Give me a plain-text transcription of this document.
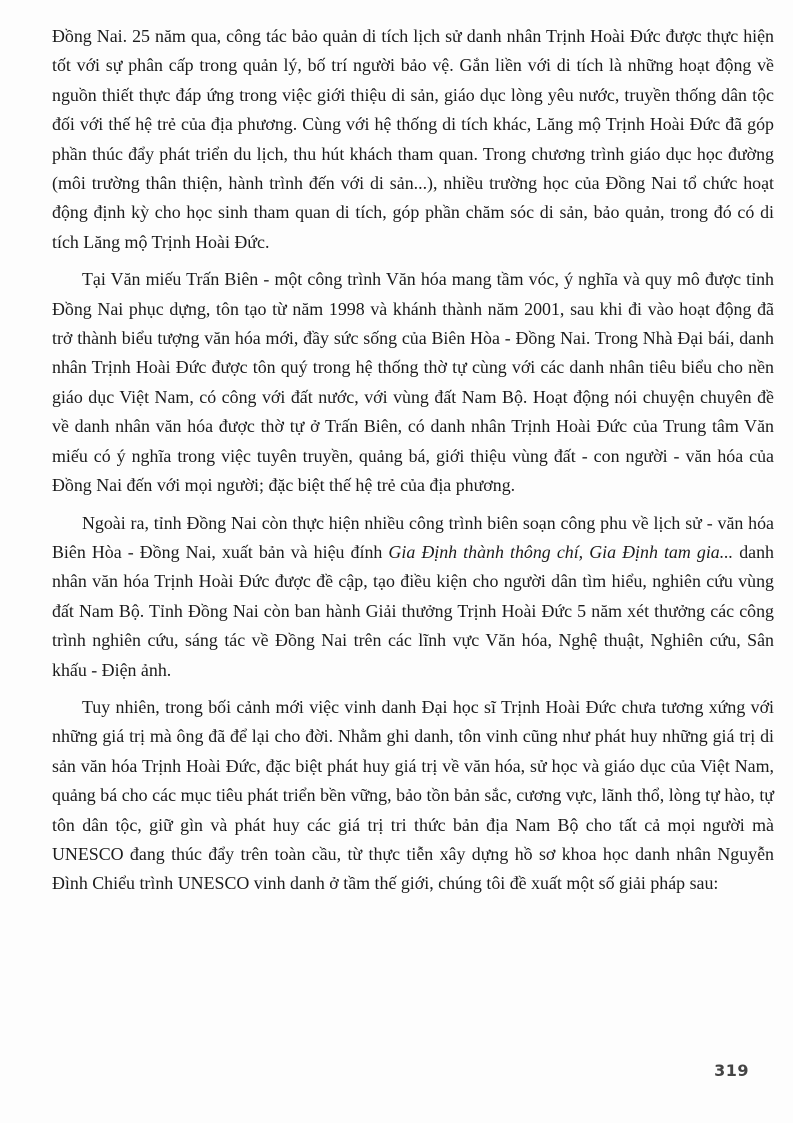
Đồng Nai. 25 năm qua, công tác bảo quản di tích lịch sử danh nhân Trịnh Hoài Đức được thực hiện tốt với sự phân cấp trong quản lý, bố trí người bảo vệ. Gắn liền với di tích là những hoạt động về nguồn thiết thực đáp ứng trong việc giới thiệu di sản, giáo dục lòng yêu nước, truyền thống dân tộc đối với thế hệ trẻ của địa phương. Cùng với hệ thống di tích khác, Lăng mộ Trịnh Hoài Đức đã góp phần thúc đẩy phát triển du lịch, thu hút khách tham quan. Trong chương trình giáo dục học đường (môi trường thân thiện, hành trình đến với di sản...), nhiều trường học của Đồng Nai tổ chức hoạt động định kỳ cho học sinh tham quan di tích, góp phần chăm sóc di sản, bảo quản, trong đó có di tích Lăng mộ Trịnh Hoài Đức.

Tại Văn miếu Trấn Biên - một công trình Văn hóa mang tầm vóc, ý nghĩa và quy mô được tỉnh Đồng Nai phục dựng, tôn tạo từ năm 1998 và khánh thành năm 2001, sau khi đi vào hoạt động đã trở thành biểu tượng văn hóa mới, đầy sức sống của Biên Hòa - Đồng Nai. Trong Nhà Đại bái, danh nhân Trịnh Hoài Đức được tôn quý trong hệ thống thờ tự cùng với các danh nhân tiêu biểu cho nền giáo dục Việt Nam, có công với đất nước, với vùng đất Nam Bộ. Hoạt động nói chuyện chuyên đề về danh nhân văn hóa được thờ tự ở Trấn Biên, có danh nhân Trịnh Hoài Đức của Trung tâm Văn miếu có ý nghĩa trong việc tuyên truyền, quảng bá, giới thiệu vùng đất - con người - văn hóa của Đồng Nai đến với mọi người; đặc biệt thế hệ trẻ của địa phương.

Ngoài ra, tỉnh Đồng Nai còn thực hiện nhiều công trình biên soạn công phu về lịch sử - văn hóa Biên Hòa - Đồng Nai, xuất bản và hiệu đính Gia Định thành thông chí, Gia Định tam gia... danh nhân văn hóa Trịnh Hoài Đức được đề cập, tạo điều kiện cho người dân tìm hiểu, nghiên cứu vùng đất Nam Bộ. Tỉnh Đồng Nai còn ban hành Giải thưởng Trịnh Hoài Đức 5 năm xét thưởng các công trình nghiên cứu, sáng tác về Đồng Nai trên các lĩnh vực Văn hóa, Nghệ thuật, Nghiên cứu, Sân khấu - Điện ảnh.

Tuy nhiên, trong bối cảnh mới việc vinh danh Đại học sĩ Trịnh Hoài Đức chưa tương xứng với những giá trị mà ông đã để lại cho đời. Nhằm ghi danh, tôn vinh cũng như phát huy những giá trị di sản văn hóa Trịnh Hoài Đức, đặc biệt phát huy giá trị về văn hóa, sử học và giáo dục của Việt Nam, quảng bá cho các mục tiêu phát triển bền vững, bảo tồn bản sắc, cương vực, lãnh thổ, lòng tự hào, tự tôn dân tộc, giữ gìn và phát huy các giá trị tri thức bản địa Nam Bộ cho tất cả mọi người mà UNESCO đang thúc đẩy trên toàn cầu, từ thực tiễn xây dựng hồ sơ khoa học danh nhân Nguyễn Đình Chiểu trình UNESCO vinh danh ở tầm thế giới, chúng tôi đề xuất một số giải pháp sau:

319
